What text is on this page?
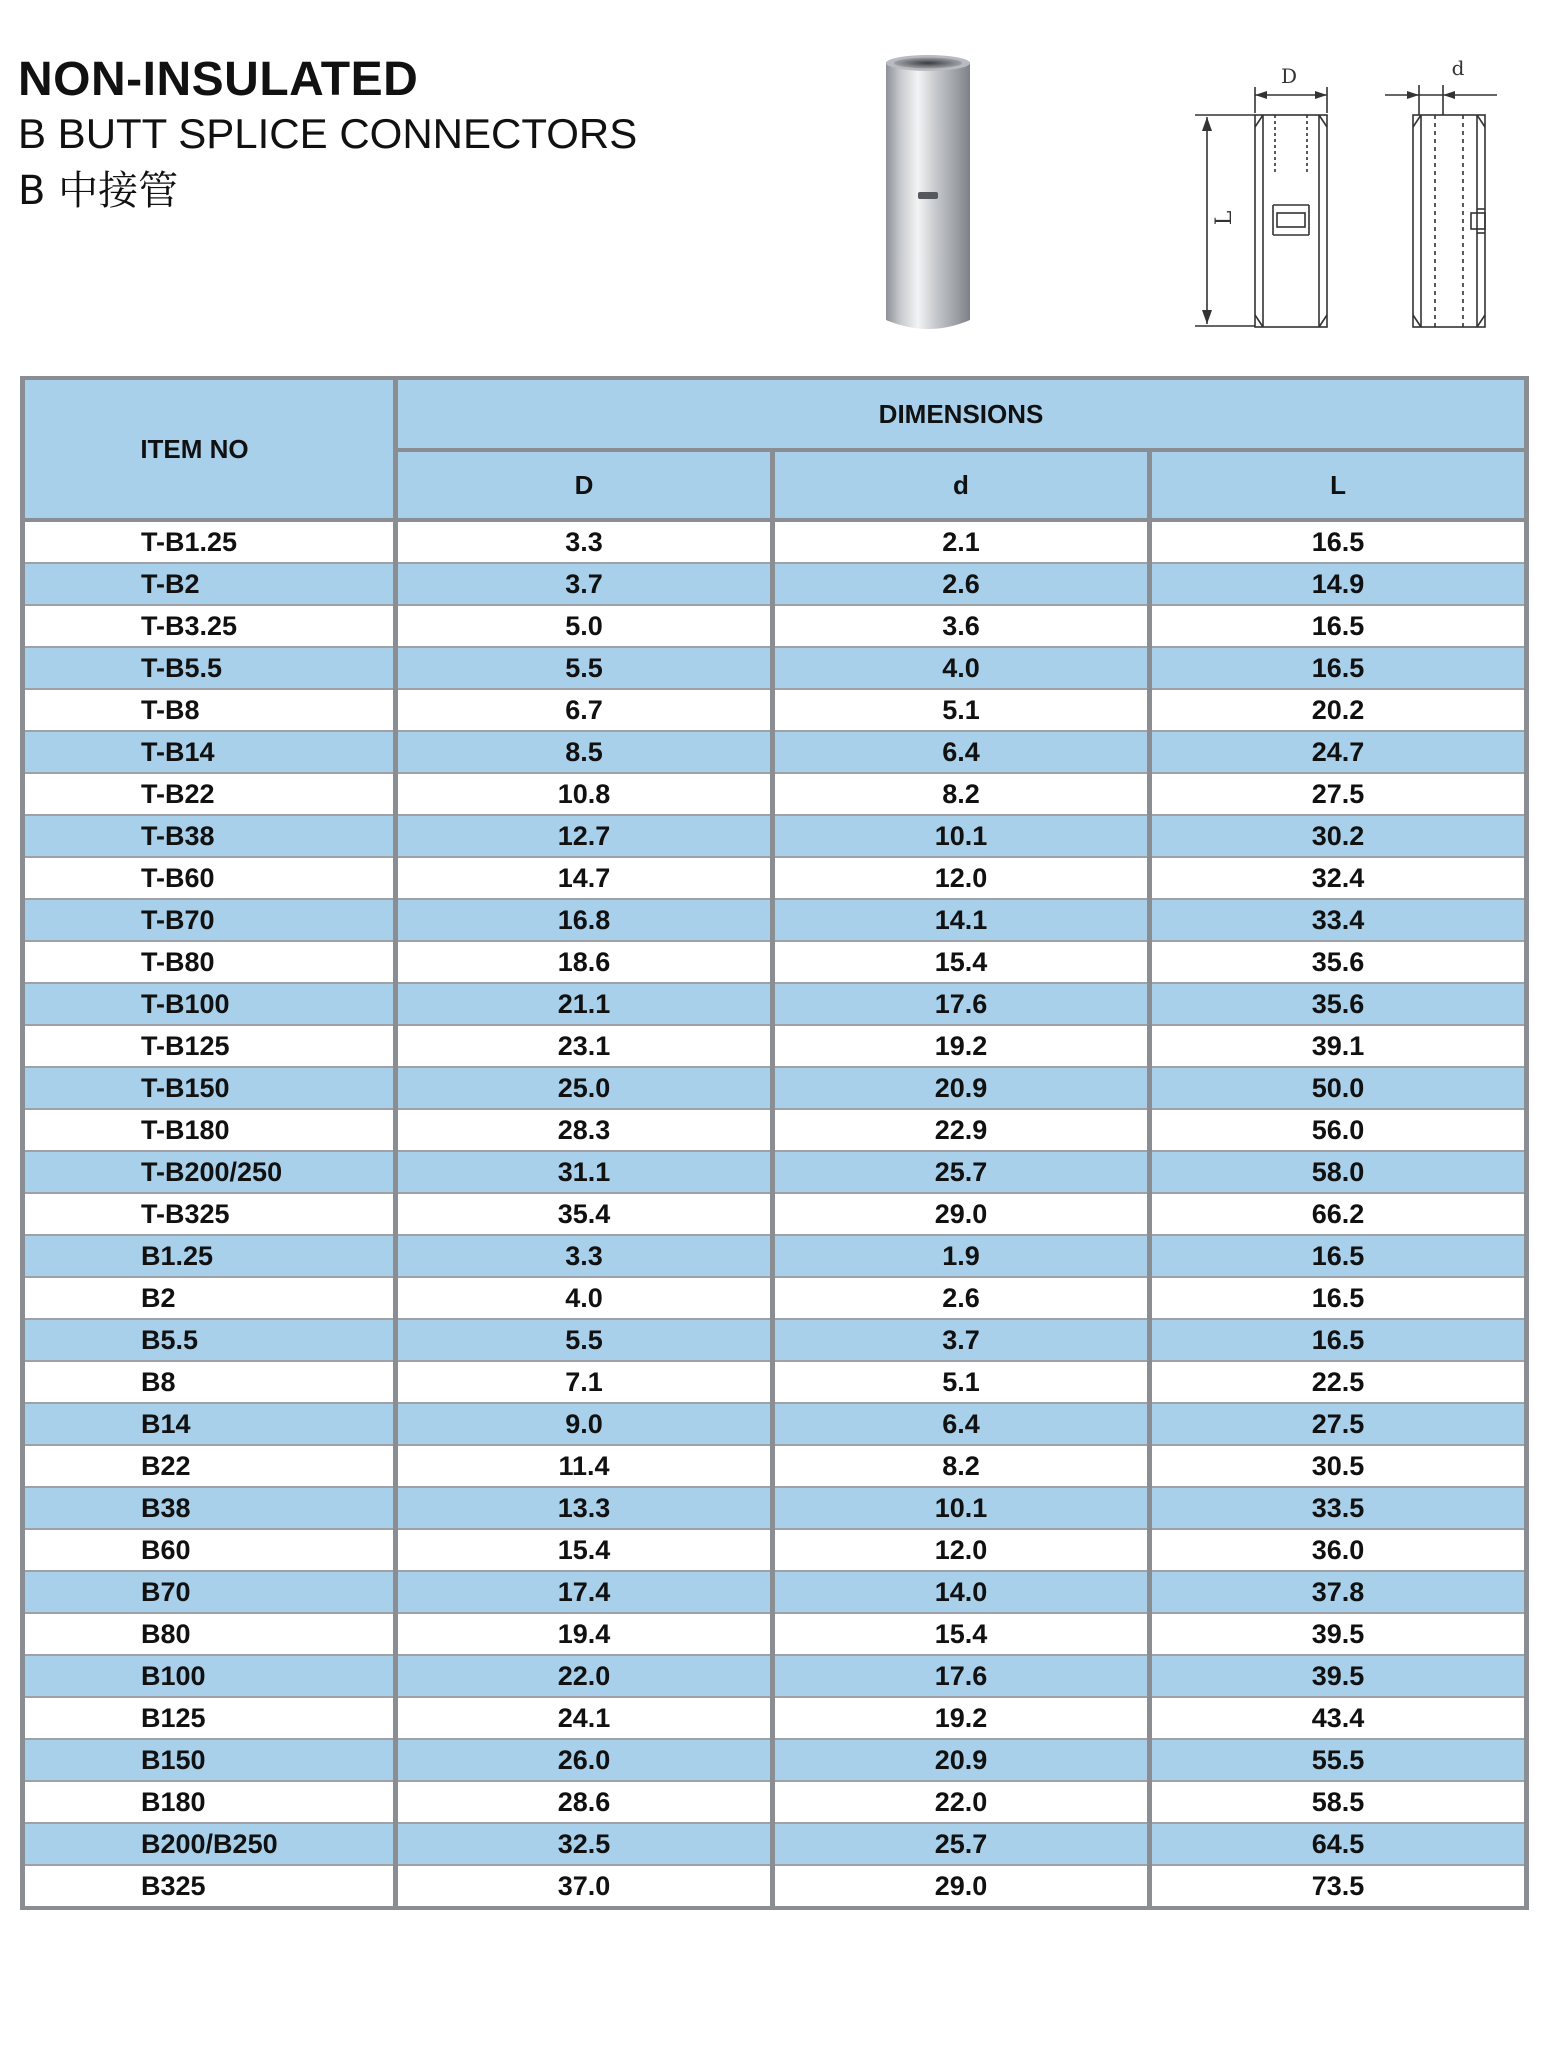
NON-INSULATED
B BUTT SPLICE CONNECTORS
B 中接管
L
D	d
ITEM NO	DIMENSIONS		
	D	d	L
T-B1.25	3.3	2.1	16.5
T-B2	3.7	2.6	14.9
T-B3.25	5.0	3.6	16.5
T-B5.5	5.5	4.0	16.5
T-B8	6.7	5.1	20.2
T-B14	8.5	6.4	24.7
T-B22	10.8	8.2	27.5
T-B38	12.7	10.1	30.2
T-B60	14.7	12.0	32.4
T-B70	16.8	14.1	33.4
T-B80	18.6	15.4	35.6
T-B100	21.1	17.6	35.6
T-B125	23.1	19.2	39.1
T-B150	25.0	20.9	50.0
T-B180	28.3	22.9	56.0
T-B200/250	31.1	25.7	58.0
T-B325	35.4	29.0	66.2
B1.25	3.3	1.9	16.5
B2	4.0	2.6	16.5
B5.5	5.5	3.7	16.5
B8	7.1	5.1	22.5
B14	9.0	6.4	27.5
B22	11.4	8.2	30.5
B38	13.3	10.1	33.5
B60	15.4	12.0	36.0
B70	17.4	14.0	37.8
B80	19.4	15.4	39.5
B100	22.0	17.6	39.5
B125	24.1	19.2	43.4
B150	26.0	20.9	55.5
B180	28.6	22.0	58.5
B200/B250	32.5	25.7	64.5
B325	37.0	29.0	73.5
